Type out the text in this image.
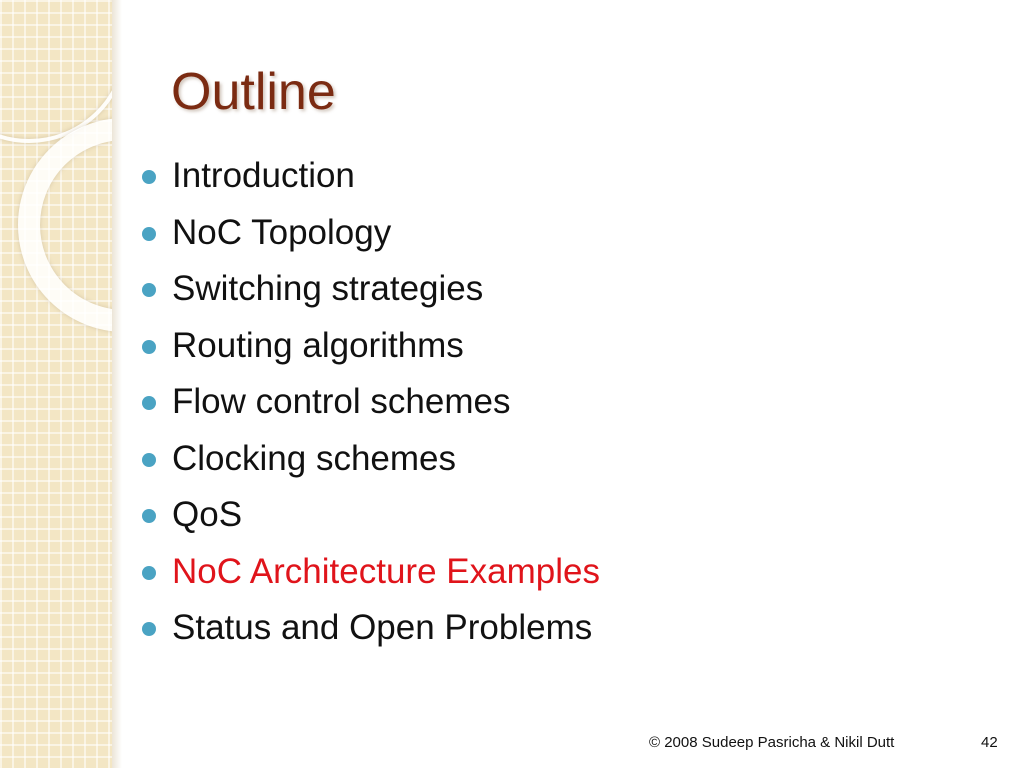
Outline
Introduction
NoC Topology
Switching strategies
Routing algorithms
Flow control schemes
Clocking schemes
QoS
NoC Architecture Examples
Status and Open Problems
© 2008 Sudeep Pasricha & Nikil Dutt	42
